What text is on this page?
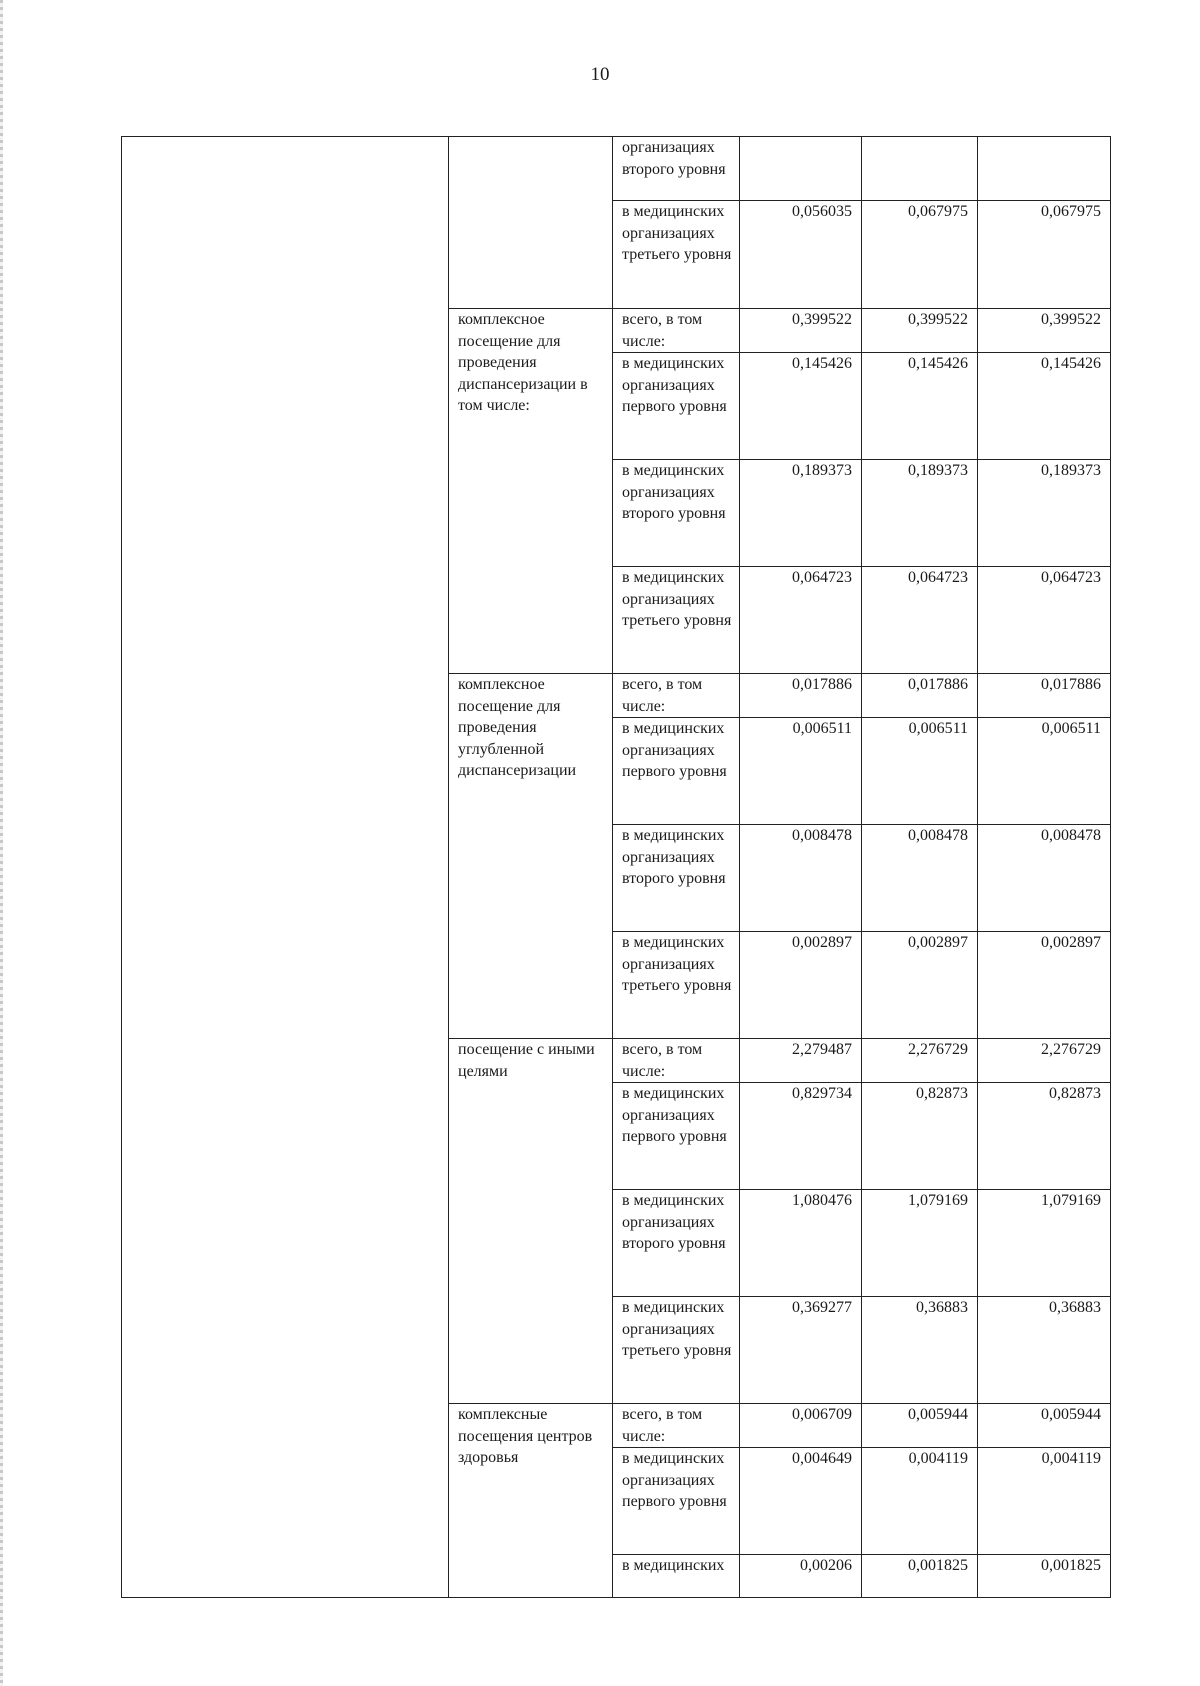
10
		организациях второго уровня			
		в медицинских организациях третьего уровня	0,056035	0,067975	0,067975
	комплексное посещение для проведения диспансеризации в том числе:	всего, в том числе:	0,399522	0,399522	0,399522
		в медицинских организациях первого уровня	0,145426	0,145426	0,145426
		в медицинских организациях второго уровня	0,189373	0,189373	0,189373
		в медицинских организациях третьего уровня	0,064723	0,064723	0,064723
	комплексное посещение для проведения углубленной диспансеризации	всего, в том числе:	0,017886	0,017886	0,017886
		в медицинских организациях первого уровня	0,006511	0,006511	0,006511
		в медицинских организациях второго уровня	0,008478	0,008478	0,008478
		в медицинских организациях третьего уровня	0,002897	0,002897	0,002897
	посещение с иными целями	всего, в том числе:	2,279487	2,276729	2,276729
		в медицинских организациях первого уровня	0,829734	0,82873	0,82873
		в медицинских организациях второго уровня	1,080476	1,079169	1,079169
		в медицинских организациях третьего уровня	0,369277	0,36883	0,36883
	комплексные посещения центров здоровья	всего, в том числе:	0,006709	0,005944	0,005944
		в медицинских организациях первого уровня	0,004649	0,004119	0,004119
		в медицинских	0,00206	0,001825	0,001825
